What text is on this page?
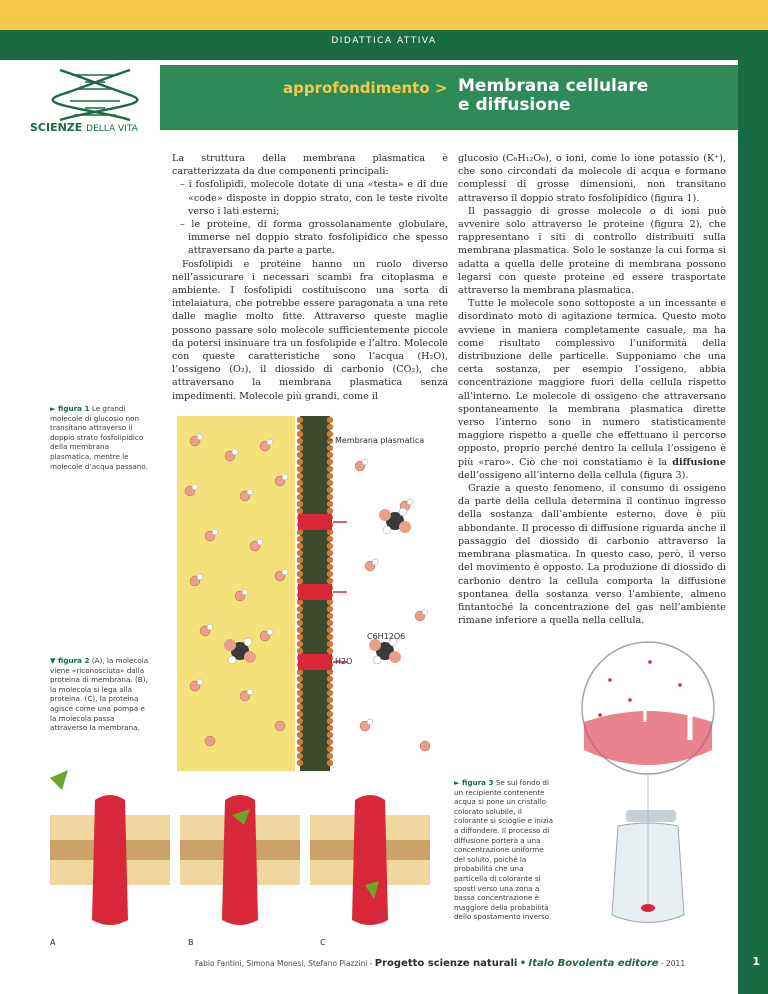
DIDATTICA ATTIVA
SCIENZE DELLA VITA
approfondimento > Membrana cellulare
e diffusione

La struttura della membrana plasmatica è caratterizzata da due componenti principali:

– i fosfolipidi, molecole dotate di una «testa» e di due «code» disposte in doppio strato, con le teste rivolte verso i lati esterni;

– le proteine, di forma grossolanamente globulare, immerse nel doppio strato fosfolipidico che spesso attraversano da parte a parte.

Fosfolipidi e proteine hanno un ruolo diverso nell’assicurare i necessari scambi fra citoplasma e ambiente. I fosfolipidi costituiscono una sorta di intelaiatura, che potrebbe essere paragonata a una rete dalle maglie molto fitte. Attraverso queste maglie possono passare solo molecole sufficientemente piccole da potersi insinuare tra un fosfolipide e l’altro. Molecole con queste caratteristiche sono l’acqua (H₂O), l’ossigeno (O₂), il diossido di carbonio (CO₂), che attraversano la membrana plasmatica senza impedimenti. Molecole più grandi, come il

glucosio (C₆H₁₂O₆), o ioni, come lo ione potassio (K⁺), che sono circondati da molecole di acqua e formano complessi di grosse dimensioni, non transitano attraverso il doppio strato fosfolipidico (figura 1).

Il passaggio di grosse molecole o di ioni può avvenire solo attraverso le proteine (figura 2), che rappresentano i siti di controllo distribuiti sulla membrana plasmatica. Solo le sostanze la cui forma si adatta a quella delle proteine di membrana possono legarsi con queste proteine ed essere trasportate attraverso la membrana plasmatica.

Tutte le molecole sono sottoposte a un incessante e disordinato moto di agitazione termica. Questo moto avviene in maniera completamente casuale, ma ha come risultato complessivo l’uniformità della distribuzione delle particelle. Supponiamo che una certa sostanza, per esempio l’ossigeno, abbia concentrazione maggiore fuori della cellula rispetto all’interno. Le molecole di ossigeno che attraversano spontaneamente la membrana plasmatica dirette verso l’interno sono in numero statisticamente maggiore rispetto a quelle che effettuano il percorso opposto, proprio perché dentro la cellula l’ossigeno è più «raro». Ciò che noi constatiamo è la diffusione dell’ossigeno all’interno della cellula (figura 3).

Grazie a questo fenomeno, il consumo di ossigeno da parte della cellula determina il continuo ingresso della sostanza dall’ambiente esterno, dove è più abbondante. Il processo di diffusione riguarda anche il passaggio del diossido di carbonio attraverso la membrana plasmatica. In questo caso, però, il verso del movimento è opposto. La produzione di diossido di carbonio dentro la cellula comporta la diffusione spontanea della sostanza verso l’ambiente, almeno fintantoché la concentrazione del gas nell’ambiente rimane inferiore a quella nella cellula.

► figura 1 Le grandi molecole di glucosio non transitano attraverso il doppio strato fosfolipidico della membrana plasmatica, mentre le molecole d’acqua passano.
Membrana plasmatica
C6H12O6
H2O
▼ figura 2 (A), la molecola viene «riconosciuta» dalla proteina di membrana. (B), la molecola si lega alla proteina. (C), la proteina agisce come una pompa e la molecola passa attraverso la membrana.
A	B	C
► figura 3 Se sul fondo di un recipiente contenente acqua si pone un cristallo colorato solubile, il colorante si scioglie e inizia a diffondere. Il processo di diffusione porterà a una concentrazione uniforme del soluto, poiché la probabilità che una particella di colorante si sposti verso una zona a bassa concentrazione è maggiore della probabilità dello spostamento inverso.
Fabio Fantini, Simona Monesi, Stefano Piazzini - Progetto scienze naturali • Italo Bovolenta editore - 2011	1
